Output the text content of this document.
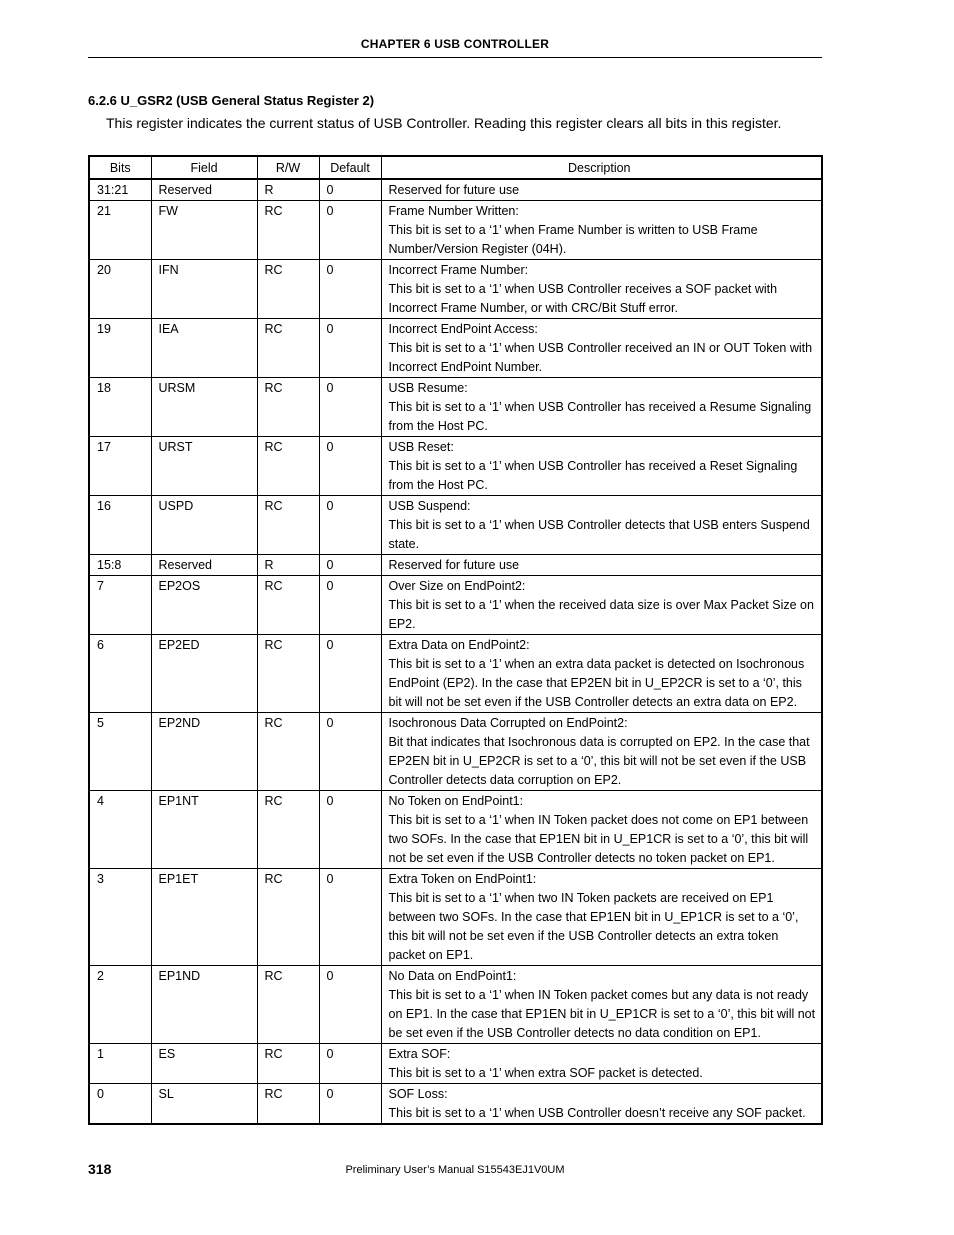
CHAPTER 6 USB CONTROLLER
6.2.6 U_GSR2 (USB General Status Register 2)
This register indicates the current status of USB Controller. Reading this register clears all bits in this register.
Bits	Field	R/W	Default	Description
31:21	Reserved	R	0	Reserved for future use

21	FW	RC	0	Frame Number Written:
This bit is set to a ‘1’ when Frame Number is written to USB Frame
Number/Version Register (04H).

20	IFN	RC	0	Incorrect Frame Number:
This bit is set to a ‘1’ when USB Controller receives a SOF packet with
Incorrect Frame Number, or with CRC/Bit Stuff error.

19	IEA	RC	0	Incorrect EndPoint Access:
This bit is set to a ‘1’ when USB Controller received an IN or OUT Token with
Incorrect EndPoint Number.

18	URSM	RC	0	USB Resume:
This bit is set to a ‘1’ when USB Controller has received a Resume Signaling
from the Host PC.

17	URST	RC	0	USB Reset:
This bit is set to a ‘1’ when USB Controller has received a Reset Signaling
from the Host PC.

16	USPD	RC	0	USB Suspend:
This bit is set to a ‘1’ when USB Controller detects that USB enters Suspend
state.

15:8	Reserved	R	0	Reserved for future use

7	EP2OS	RC	0	Over Size on EndPoint2:
This bit is set to a ‘1’ when the received data size is over Max Packet Size on
EP2.

6	EP2ED	RC	0	Extra Data on EndPoint2:
This bit is set to a ‘1’ when an extra data packet is detected on Isochronous
EndPoint (EP2). In the case that EP2EN bit in U_EP2CR is set to a ‘0’, this
bit will not be set even if the USB Controller detects an extra data on EP2.

5	EP2ND	RC	0	Isochronous Data Corrupted on EndPoint2:
Bit that indicates that Isochronous data is corrupted on EP2. In the case that
EP2EN bit in U_EP2CR is set to a ‘0’, this bit will not be set even if the USB
Controller detects data corruption on EP2.

4	EP1NT	RC	0	No Token on EndPoint1:
This bit is set to a ‘1’ when IN Token packet does not come on EP1 between
two SOFs. In the case that EP1EN bit in U_EP1CR is set to a ‘0’, this bit will
not be set even if the USB Controller detects no token packet on EP1.

3	EP1ET	RC	0	Extra Token on EndPoint1:
This bit is set to a ‘1’ when two IN Token packets are received on EP1
between two SOFs. In the case that EP1EN bit in U_EP1CR is set to a ‘0’,
this bit will not be set even if the USB Controller detects an extra token
packet on EP1.

2	EP1ND	RC	0	No Data on EndPoint1:
This bit is set to a ‘1’ when IN Token packet comes but any data is not ready
on EP1. In the case that EP1EN bit in U_EP1CR is set to a ‘0’, this bit will not
be set even if the USB Controller detects no data condition on EP1.

1	ES	RC	0	Extra SOF:
This bit is set to a ‘1’ when extra SOF packet is detected.

0	SL	RC	0	SOF Loss:
This bit is set to a ‘1’ when USB Controller doesn’t receive any SOF packet.
318	Preliminary User’s Manual S15543EJ1V0UM
